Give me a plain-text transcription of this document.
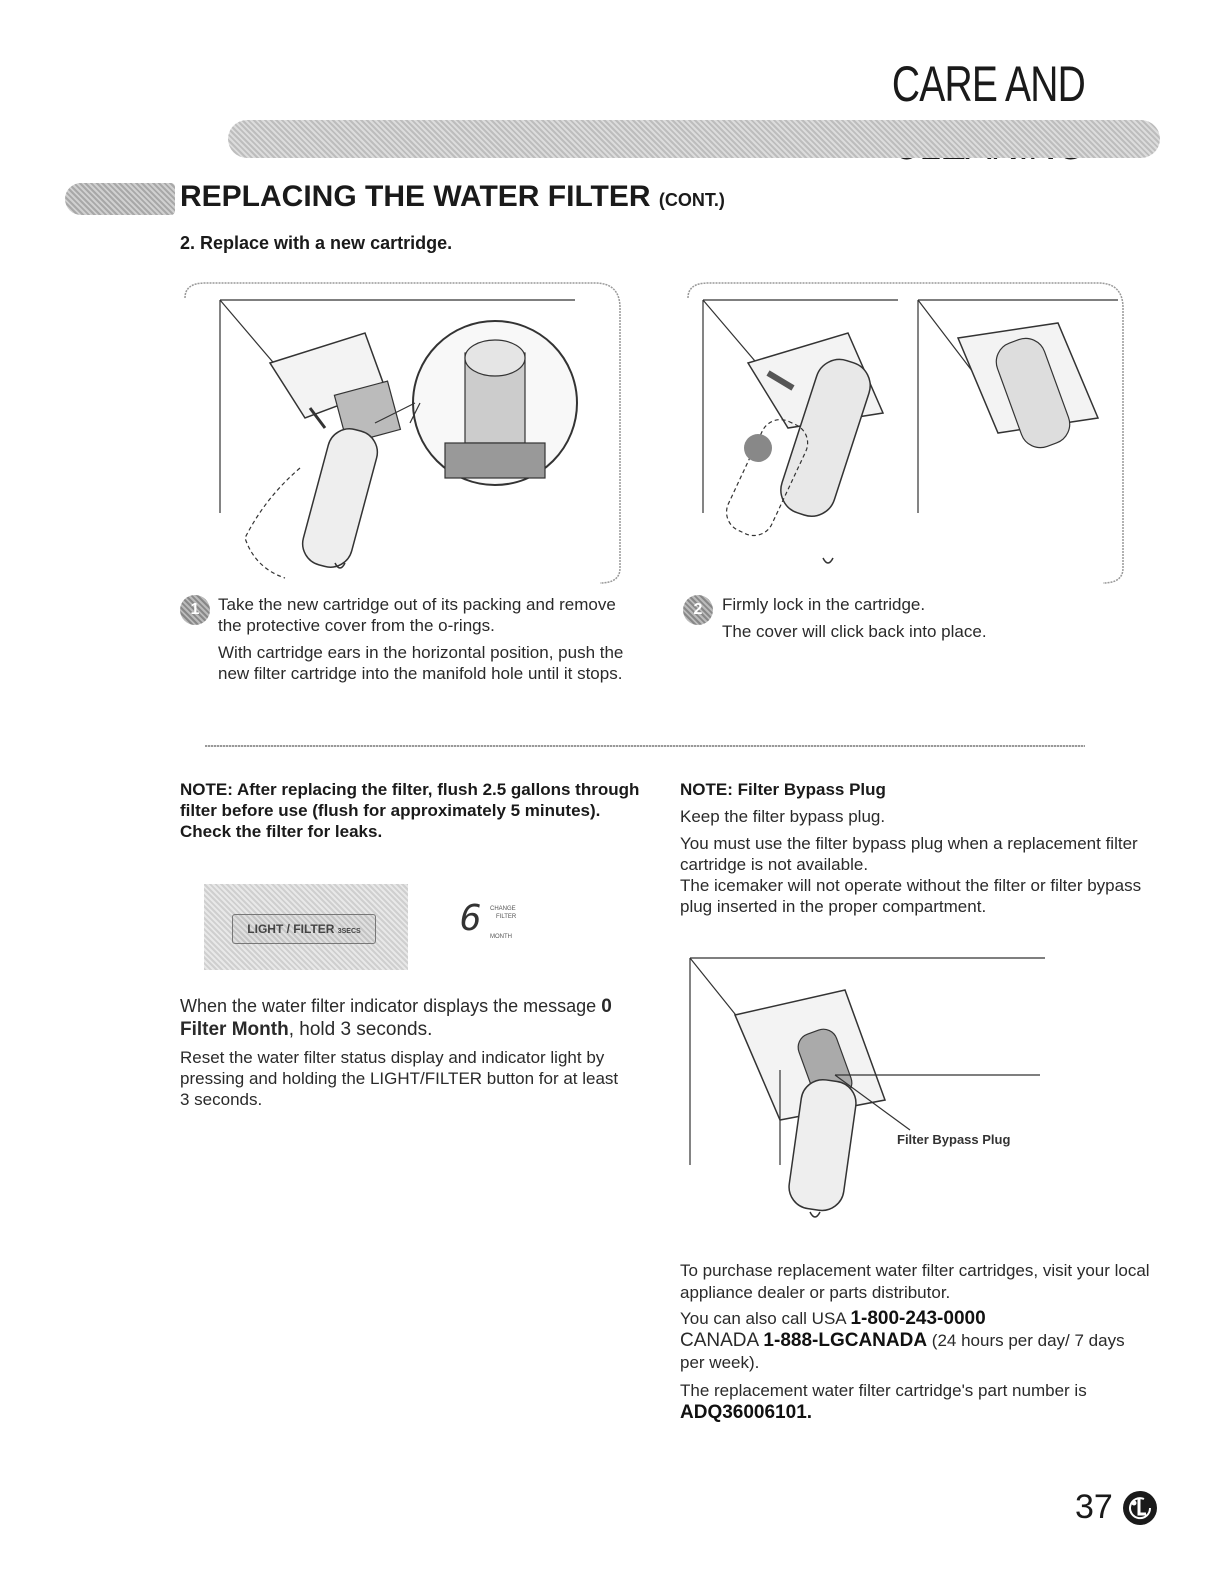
CARE AND
REPLACING THE WATER FILTER (CONT.)
2. Replace with a new cartridge.
1	Take the new cartridge out of its packing and remove the protective cover from the o-rings.

With cartridge ears in the horizontal position, push the new filter cartridge into the manifold hole until it stops.

2	Firmly lock in the cartridge.

The cover will click back into place.

NOTE: After replacing the filter, flush 2.5 gallons through filter before use (flush for approximately 5 minutes).
Check the filter for leaks.
LIGHT / FILTER 3SECS	6 CHANGE
FILTER
MONTH
When the water filter indicator displays the message 0 Filter Month, hold 3 seconds.
Reset the water filter status display and indicator light by pressing and holding the LIGHT/FILTER button for at least 3 seconds.

NOTE: Filter Bypass Plug

Keep the filter bypass plug.

You must use the filter bypass plug when a replacement filter cartridge is not available.

The icemaker will not operate without the filter or filter bypass plug inserted in the proper compartment.

Filter Bypass Plug

To purchase replacement water filter cartridges, visit your local appliance dealer or parts distributor.

You can also call USA 1-800-243-0000
CANADA 1-888-LGCANADA (24 hours per day/ 7 days per week).
The replacement water filter cartridge's part number is ADQ36006101.
37
